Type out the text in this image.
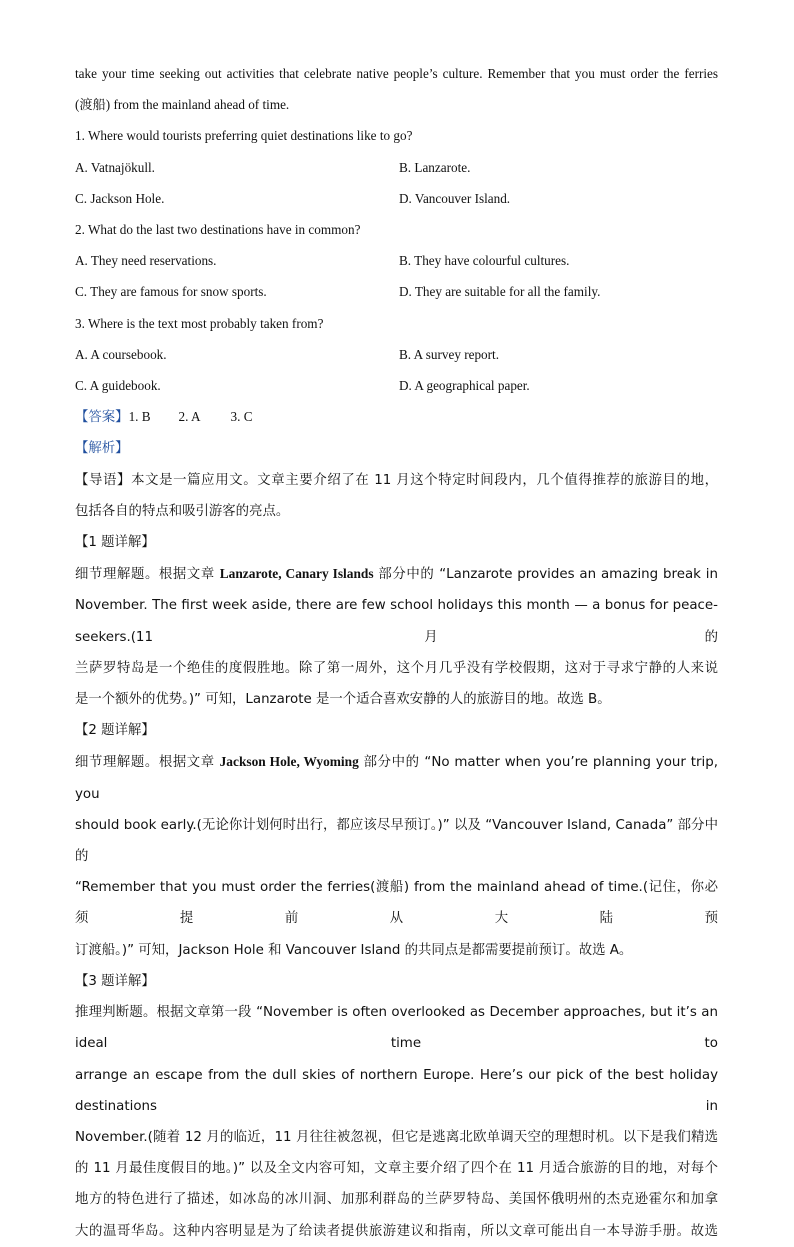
take your time seeking out activities that celebrate native people’s culture. Remember that you must order the ferries
(渡船) from the mainland ahead of time.
1. Where would tourists preferring quiet destinations like to go?
A. Vatnajökull.	B. Lanzarote.
C. Jackson Hole.	D. Vancouver Island.
2. What do the last two destinations have in common?
A. They need reservations.	B. They have colourful cultures.
C. They are famous for snow sports.	D. They are suitable for all the family.
3. Where is the text most probably taken from?
A. A coursebook.	B. A survey report.
C. A guidebook.	D. A geographical paper.
【答案】1. B 2. A 3. C
【解析】
【导语】本文是一篇应用文。文章主要介绍了在 11 月这个特定时间段内，几个值得推荐的旅游目的地，
包括各自的特点和吸引游客的亮点。
【1 题详解】
细节理解题。根据文章 Lanzarote, Canary Islands 部分中的 “Lanzarote provides an amazing break in
November. The first week aside, there are few school holidays this month — a bonus for peace- seekers.(11 月的
兰萨罗特岛是一个绝佳的度假胜地。除了第一周外，这个月几乎没有学校假期，这对于寻求宁静的人来说
是一个额外的优势。)” 可知，Lanzarote 是一个适合喜欢安静的人的旅游目的地。故选 B。
【2 题详解】
细节理解题。根据文章 Jackson Hole, Wyoming 部分中的 “No matter when you’re planning your trip, you
should book early.(无论你计划何时出行，都应该尽早预订。)” 以及 “Vancouver Island, Canada” 部分中的
“Remember that you must order the ferries(渡船) from the mainland ahead of time.(记住，你必须提前从大陆预
订渡船。)” 可知，Jackson Hole 和 Vancouver Island 的共同点是都需要提前预订。故选 A。
【3 题详解】
推理判断题。根据文章第一段 “November is often overlooked as December approaches, but it’s an ideal time to
arrange an escape from the dull skies of northern Europe. Here’s our pick of the best holiday destinations in
November.(随着 12 月的临近，11 月往往被忽视，但它是逃离北欧单调天空的理想时机。以下是我们精选
的 11 月最佳度假目的地。)” 以及全文内容可知，文章主要介绍了四个在 11 月适合旅游的目的地，对每个
地方的特色进行了描述，如冰岛的冰川洞、加那利群岛的兰萨罗特岛、美国怀俄明州的杰克逊霍尔和加拿
大的温哥华岛。这种内容明显是为了给读者提供旅游建议和指南，所以文章可能出自一本导游手册。故选
